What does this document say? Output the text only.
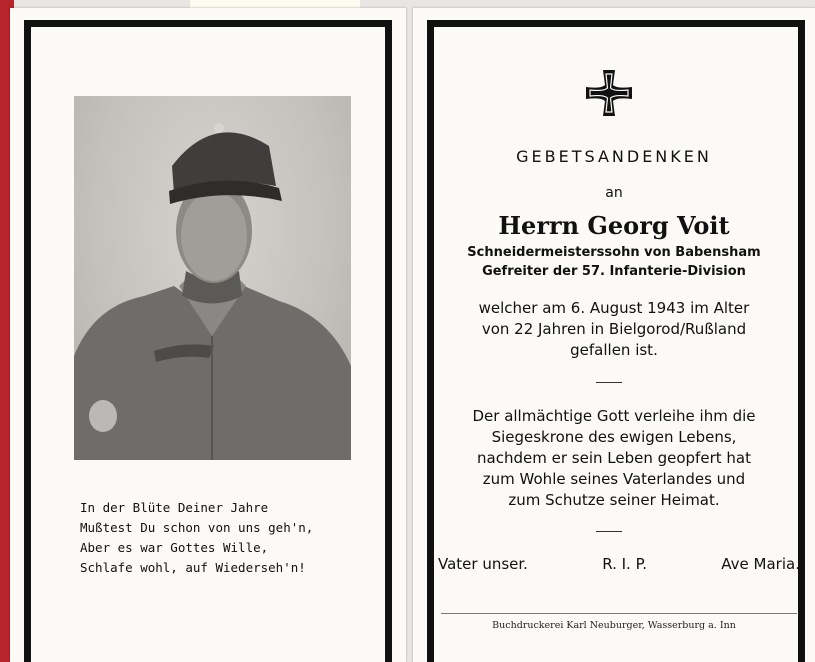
In der Blüte Deiner Jahre
Mußtest Du schon von uns geh'n,
Aber es war Gottes Wille,
Schlafe wohl, auf Wiederseh'n!
GEBETSANDENKEN
an
Herrn Georg Voit
Schneidermeisterssohn von Babensham
Gefreiter der 57. Infanterie-Division
welcher am 6. August 1943 im Alter
von 22 Jahren in Bielgorod/Rußland
gefallen ist.
Der allmächtige Gott verleihe ihm die
Siegeskrone des ewigen Lebens,
nachdem er sein Leben geopfert hat
zum Wohle seines Vaterlandes und
zum Schutze seiner Heimat.
Vater unser.	R. I. P.	Ave Maria.
Buchdruckerei Karl Neuburger, Wasserburg a. Inn
